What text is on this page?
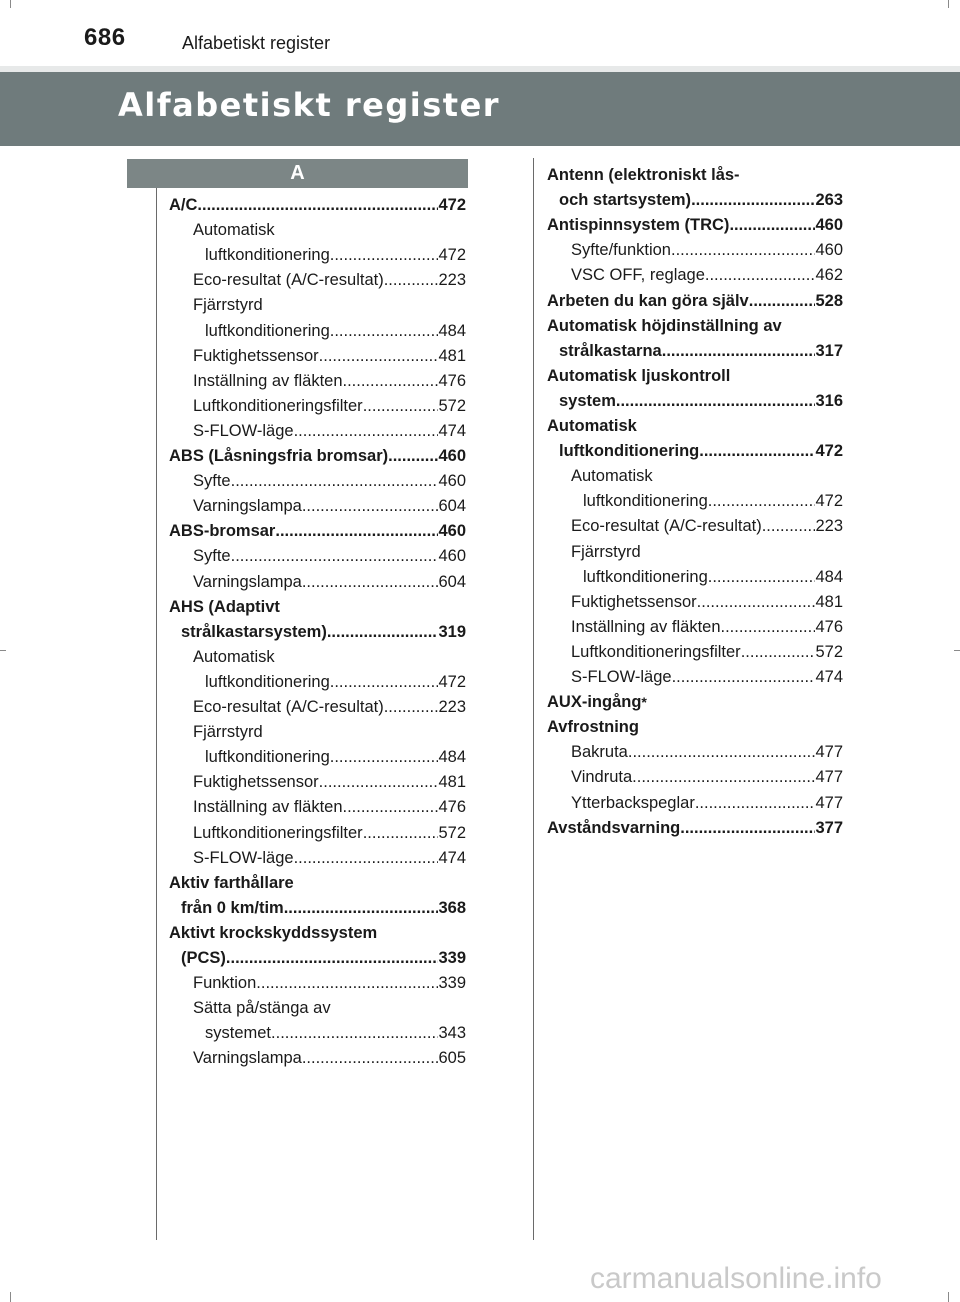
686	Alfabetiskt register
Alfabetiskt register
A
A/C .....	472
Automatisk
luftkonditionering .....	472
Eco-resultat (A/C-resultat) .....	223
Fjärrstyrd
luftkonditionering .....	484
Fuktighetssensor .....	481
Inställning av fläkten .....	476
Luftkonditioneringsfilter .....	572
S-FLOW-läge .....	474
ABS (Låsningsfria bromsar) .....	460
Syfte .....	460
Varningslampa .....	604
ABS-bromsar .....	460
Syfte .....	460
Varningslampa .....	604
AHS (Adaptivt
strålkastarsystem) .....	319
Automatisk
luftkonditionering .....	472
Eco-resultat (A/C-resultat) .....	223
Fjärrstyrd
luftkonditionering .....	484
Fuktighetssensor .....	481
Inställning av fläkten .....	476
Luftkonditioneringsfilter .....	572
S-FLOW-läge .....	474
Aktiv farthållare
från 0 km/tim .....	368
Aktivt krockskyddssystem
(PCS) .....	339
Funktion .....	339
Sätta på/stänga av
systemet .....	343
Varningslampa .....	605
Antenn (elektroniskt lås-
och startsystem) .....	263
Antispinnsystem (TRC) .....	460
Syfte/funktion .....	460
VSC OFF, reglage .....	462
Arbeten du kan göra själv .....	528
Automatisk höjdinställning av
strålkastarna .....	317
Automatisk ljuskontroll
system .....	316
Automatisk
luftkonditionering .....	472
Automatisk
luftkonditionering .....	472
Eco-resultat (A/C-resultat) .....	223
Fjärrstyrd
luftkonditionering .....	484
Fuktighetssensor .....	481
Inställning av fläkten .....	476
Luftkonditioneringsfilter .....	572
S-FLOW-läge .....	474
AUX-ingång *
Avfrostning
Bakruta .....	477
Vindruta .....	477
Ytterbackspeglar .....	477
Avståndsvarning .....	377
carmanualsonline.info
